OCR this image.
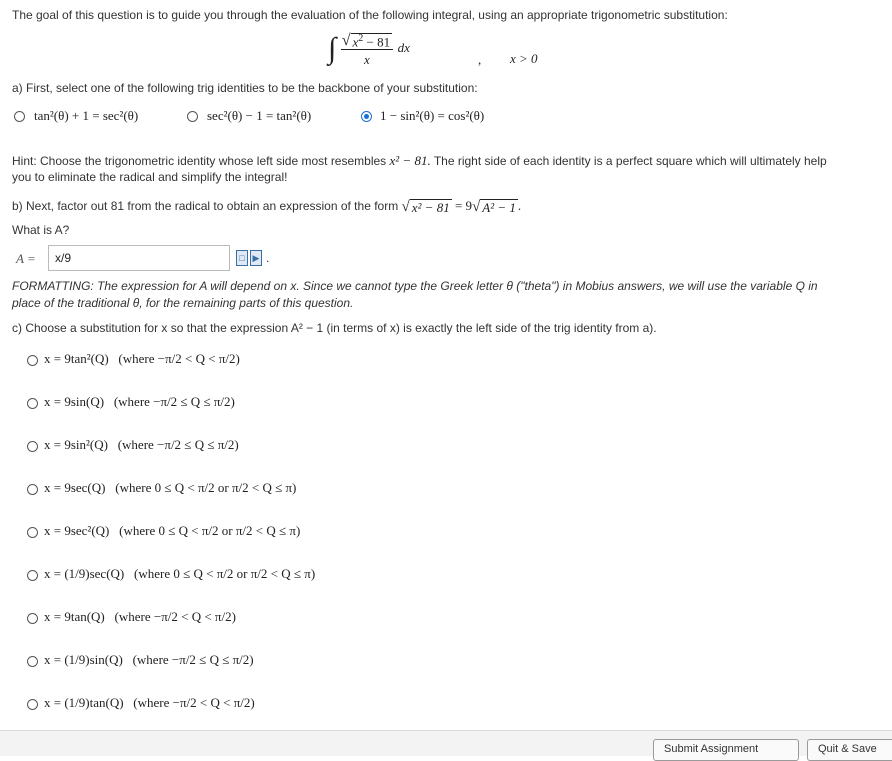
The goal of this question is to guide you through the evaluation of the following integral, using an appropriate trigonometric substitution:
∫ $\frac{√ x^2 - 81}{x}$ dx
, x > 0
a) First, select one of the following trig identities to be the backbone of your substitution:
tan²(θ) + 1 = sec²(θ)	sec²(θ) − 1 = tan²(θ)	1 − sin²(θ) = cos²(θ)
Hint: Choose the trigonometric identity whose left side most resembles x² − 81. The right side of each identity is a perfect square which will ultimately help
you to eliminate the radical and simplify the integral!
b) Next, factor out 81 from the radical to obtain an expression of the form √ x² − 81 = 9 √ A² − 1 .
What is A?
A =
x/9	□ ▶ .
FORMATTING: The expression for A will depend on x. Since we cannot type the Greek letter θ ("theta") in Mobius answers, we will use the variable Q in
place of the traditional θ, for the remaining parts of this question.
c) Choose a substitution for x so that the expression A² − 1 (in terms of x) is exactly the left side of the trig identity from a).
x = 9tan²(Q) (where −π/2 < Q < π/2)
x = 9sin(Q) (where −π/2 ≤ Q ≤ π/2)
x = 9sin²(Q) (where −π/2 ≤ Q ≤ π/2)
x = 9sec(Q) (where 0 ≤ Q < π/2 or π/2 < Q ≤ π)
x = 9sec²(Q) (where 0 ≤ Q < π/2 or π/2 < Q ≤ π)
x = (1/9)sec(Q) (where 0 ≤ Q < π/2 or π/2 < Q ≤ π)
x = 9tan(Q) (where −π/2 < Q < π/2)
x = (1/9)sin(Q) (where −π/2 ≤ Q ≤ π/2)
x = (1/9)tan(Q) (where −π/2 < Q < π/2)
Submit Assignment	Quit & Save
